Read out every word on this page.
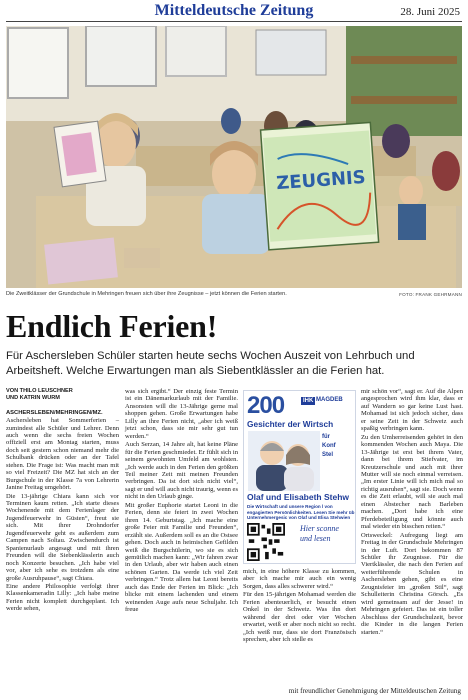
Mitteldeutsche Zeitung	28. Juni 2025
ZEUGNIS
Die Zweitklässer der Grundschule in Mehringen freuen sich über ihre Zeugnisse – jetzt können die Ferien starten.	FOTO: FRANK GEHRMANN
Endlich Ferien!

Für Aschersleben Schüler starten heute sechs Wochen Auszeit von Lehrbuch und Arbeitsheft. Welche Erwartungen man als Siebentklässler an die Ferien hat.

VON THILO LEUSCHNER
UND KATRIN WURM

ASCHERSLEBEN/MEHRINGEN/MZ.
Aschersleben hat Sommerferien – zumindest alle Schüler und Lehrer. Denn auch wenn die sechs freien Wochen offiziell erst am Montag starten, muss doch seit gestern schon niemand mehr die Schulbank drücken oder an der Tafel stehen. Die Frage ist: Was macht man mit so viel Freizeit? Die MZ hat sich an der Burgschule in der Klasse 7a von Lehrerin Janine Freitag umgehört.

Die 13-jährige Chiara kann sich vor Terminen kaum retten. „Ich starte dieses Wochenende mit dem Ferienlager der Jugendfeuerwehr in Güsten“, freut sie sich. Mit ihrer Drohndorfer Jugendfeuerwehr geht es außerdem zum Campen nach Soltau. Zwischendurch ist Spanienurlaub angesagt und mit ihren Freunden will die Siebenklässlerin auch noch Konzerte besuchen. „Ich habe viel vor, aber ich sehe es trotzdem als eine große Ausruhpause“, sagt Chiara.

Eine andere Philosophie verfolgt ihrer Klassenkameradin Lilly: „Ich habe meine Ferien nicht komplett durchgeplant. Ich werde sehen,

was sich ergibt.“ Der einzig feste Termin ist ein Dänemarkurlaub mit der Familie. Ansonsten will die 13-Jährige gerne mal shoppen gehen. Große Erwartungen habe Lilly an ihre Ferien nicht, „aber ich weiß jetzt schon, dass sie mir sehr gut tun werden.“

Auch Serzan, 14 Jahre alt, hat keine Pläne für die Ferien geschmiedet. Er fühlt sich in seinem gewohnten Umfeld am wohlsten. „Ich werde auch in den Ferien den größten Teil meiner Zeit mit meinen Freunden verbringen. Da ist dort sich nicht viel“, sagt er und will auch nicht traurig, wenn es nicht in den Urlaub ginge.

Mit großer Euphorie startet Leoni in die Ferien, denn sie feiert in zwei Wochen ihren 14. Geburtstag. „Ich mache eine große Feier mit Familie und Freunden“, erzählt sie. Außerdem soll es an die Ostsee gehen. Doch auch in heimischen Gefilden weiß die Burgschülerin, wo sie es sich gemütlich machen kann: „Wir fahren zwar in den Urlaub, aber wir haben auch einen schönen Garten. Da werde ich viel Zeit verbringen.“ Trotz allem hat Leoni bereits auch das Ende der Ferien im Blick: „Ich blicke mit einem lachenden und einem weinenden Auge aufs neue Schuljahr. Ich freue

200	IHK MAGDEB
Gesichter der Wirtsch
für
Konf
Stel
Olaf und Elisabeth Stehw
Die Wirtschaft und unsere Region l von engagierten Persönlichkeiten. Lesen Sie mehr üb Unternehmergesic von Olaf und Elisa Stehwien
Hier sconne
und lesen

mich, in eine höhere Klasse zu kommen, aber ich mache mir auch ein wenig Sorgen, dass alles schwerer wird.“

Für den 15-jährigen Mohamad werden die Ferien abenteuerlich, er besucht einen Onkel in der Schweiz. Was ihn dort während der drei oder vier Wochen erwartet, weiß er aber noch nicht so recht. „Ich weiß nur, dass sie dort Französisch sprechen, aber ich stelle es

mir schön vor“, sagt er. Auf die Alpen angesprochen wird ihm klar, dass er auf Wandern so gar keine Lust hast. Mohamad ist sich jedoch sicher, dass er seine Zeit in der Schweiz auch spaßig verbringen kann.

Zu den Umherreisenden gehört in den kommenden Wochen auch Maya. Die 13-Jährige ist erst bei ihrem Vater, dann bei ihrem Stiefvater, im Kreutzerschule und auch mit ihrer Mutter will sie noch einmal verreisen. „Im erster Linie will ich mich mal so richtig ausruhen“, sagt sie. Doch wenn es die Zeit erlaubt, will sie auch mal einen Abstecher nach Barleben machen. „Dort habe ich eine Pferdebeteiligung und könnte auch mal wieder ein bisschen reiten.“

Ortsweckel: Aufregung liegt am Freitag in der Grundschule Mehringen in der Luft. Dort bekommen 87 Schüler ihr Zeugnisse. Für die Viertklässler, die nach den Ferien auf weiterführende Schulen in Aschersleben gehen, gibt es eine Zeugnisfeier im „großen Stil“, sagt Schulleiterin Christina Görsch. „Es wird gemeinsam auf der Jesse! in Mehringen gefeiert. Das ist ein toller Abschluss der Grundschulzeit, bevor die Kinder in die langen Ferien starten.“

mit freundlicher Genehmigung der Mitteldeutschen Zeitung
